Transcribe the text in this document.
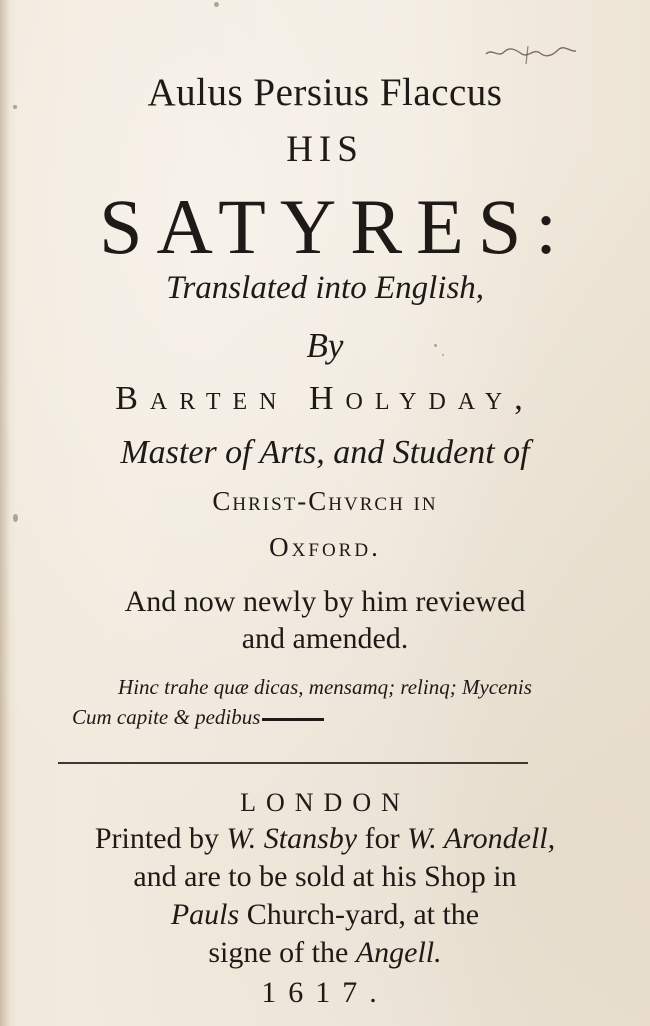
Aulus Persius Flaccus
HIS
SATYRES:
Translated into English,
By
Barten Holyday,
Master of Arts, and Student of
Christ-Chvrch in
Oxford.
And now newly by him reviewed
and amended.
Hinc trahe quæ dicas, mensamq; relinq; Mycenis
Cum capite & pedibus
LONDON
Printed by W. Stansby for W. Arondell,
and are to be sold at his Shop in
Pauls Church-yard, at the
signe of the Angell.
1617.
